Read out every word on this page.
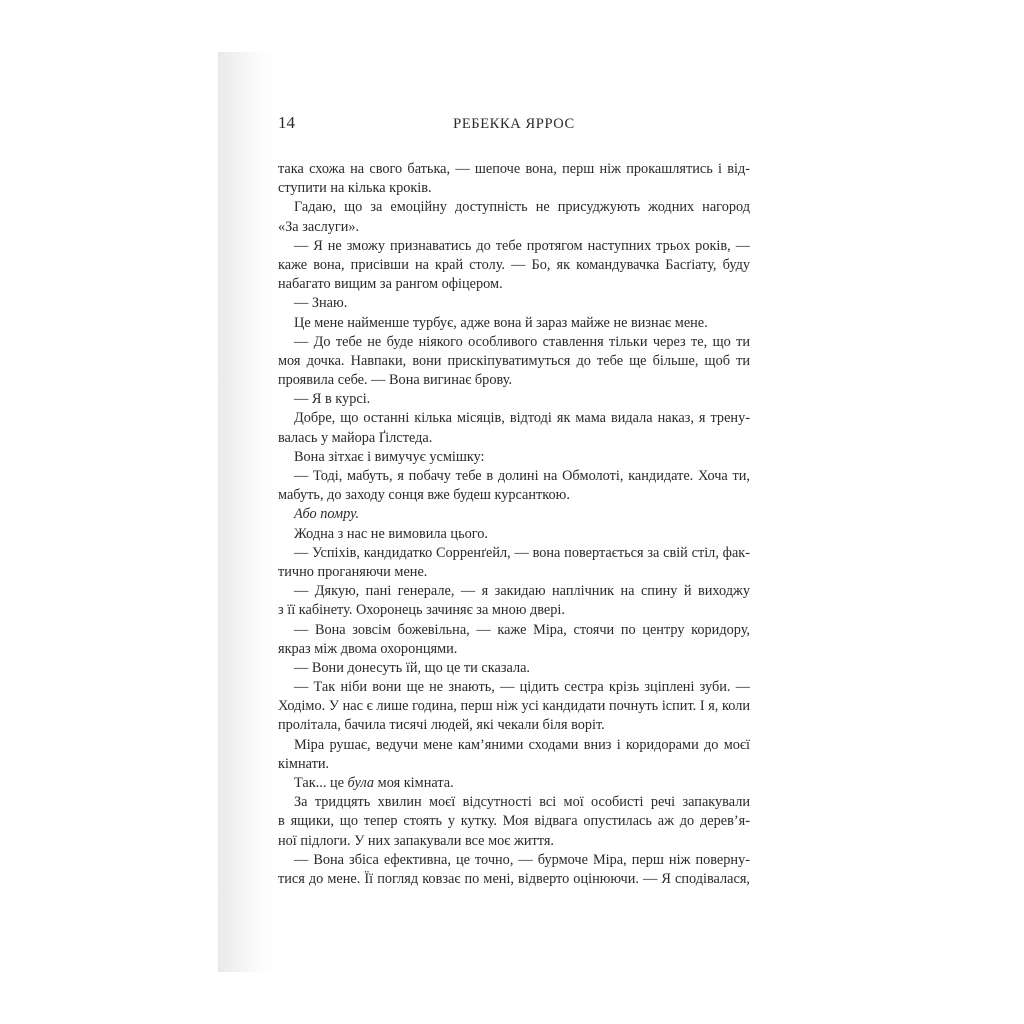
14	РЕБЕККА ЯРРОС
така схожа на свого батька, — шепоче вона, перш ніж прокашлятись і від-
ступити на кілька кроків.
Гадаю, що за емоційну доступність не присуджують жодних нагород
«За заслуги».
— Я не зможу признаватись до тебе протягом наступних трьох років, —
каже вона, присівши на край столу. — Бо, як командувачка Басґіату, буду
набагато вищим за рангом офіцером.
— Знаю.
Це мене найменше турбує, адже вона й зараз майже не визнає мене.
— До тебе не буде ніякого особливого ставлення тільки через те, що ти
моя дочка. Навпаки, вони прискіпуватимуться до тебе ще більше, щоб ти
проявила себе. — Вона вигинає брову.
— Я в курсі.
Добре, що останні кілька місяців, відтоді як мама видала наказ, я трену-
валась у майора Ґілстеда.
Вона зітхає і вимучує усмішку:
— Тоді, мабуть, я побачу тебе в долині на Обмолоті, кандидате. Хоча ти,
мабуть, до заходу сонця вже будеш курсанткою.
Або помру.
Жодна з нас не вимовила цього.
— Успіхів, кандидатко Сорренґейл, — вона повертається за свій стіл, фак-
тично проганяючи мене.
— Дякую, пані генерале, — я закидаю наплічник на спину й виходжу
з її кабінету. Охоронець зачиняє за мною двері.
— Вона зовсім божевільна, — каже Міра, стоячи по центру коридору,
якраз між двома охоронцями.
— Вони донесуть їй, що це ти сказала.
— Так ніби вони ще не знають, — цідить сестра крізь зціплені зуби. —
Ходімо. У нас є лише година, перш ніж усі кандидати почнуть іспит. І я, коли
пролітала, бачила тисячі людей, які чекали біля воріт.
Міра рушає, ведучи мене кам’яними сходами вниз і коридорами до моєї
кімнати.
Так... це була моя кімната.
За тридцять хвилин моєї відсутності всі мої особисті речі запакували
в ящики, що тепер стоять у кутку. Моя відвага опустилась аж до дерев’я-
ної підлоги. У них запакували все моє життя.
— Вона збіса ефективна, це точно, — бурмоче Міра, перш ніж поверну-
тися до мене. Її погляд ковзає по мені, відверто оцінюючи. — Я сподівалася,
